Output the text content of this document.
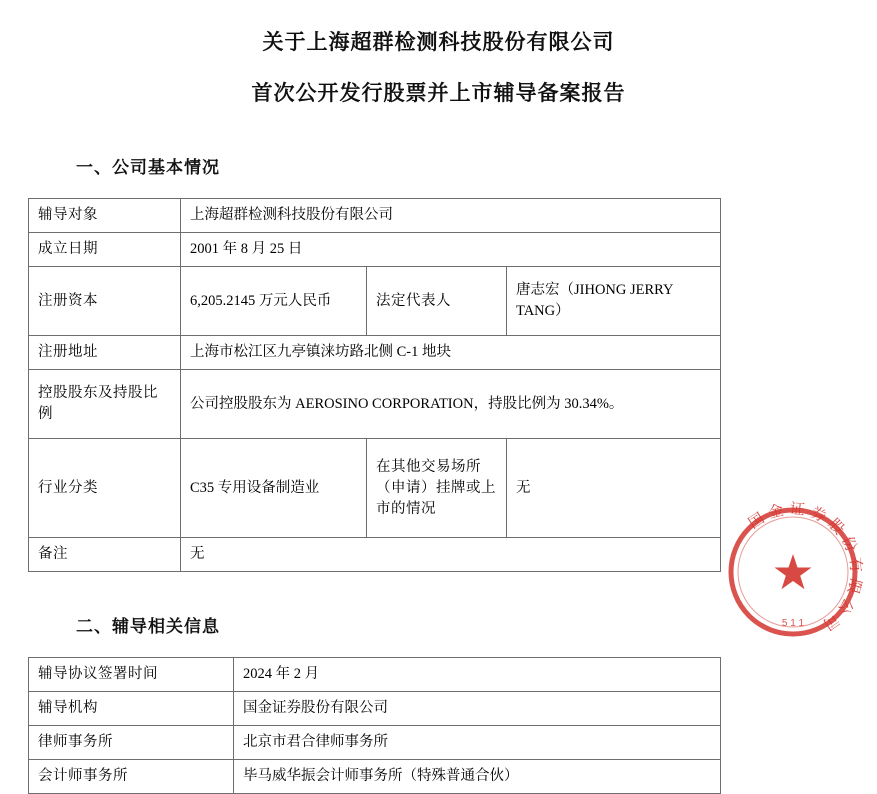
关于上海超群检测科技股份有限公司
首次公开发行股票并上市辅导备案报告
一、公司基本情况
辅导对象	上海超群检测科技股份有限公司		
成立日期	2001 年 8 月 25 日		
注册资本	6,205.2145 万元人民币	法定代表人	唐志宏（JIHONG JERRY TANG）
注册地址	上海市松江区九亭镇涞坊路北侧 C-1 地块		
控股股东及持股比例	公司控股股东为 AEROSINO CORPORATION，持股比例为 30.34%。		
行业分类	C35 专用设备制造业	在其他交易场所（申请）挂牌或上市的情况	无
备注	无		
二、辅导相关信息
辅导协议签署时间	2024 年 2 月
辅导机构	国金证券股份有限公司
律师事务所	北京市君合律师事务所
会计师事务所	毕马威华振会计师事务所（特殊普通合伙）
国金证券股份有限公司
5 1 1
